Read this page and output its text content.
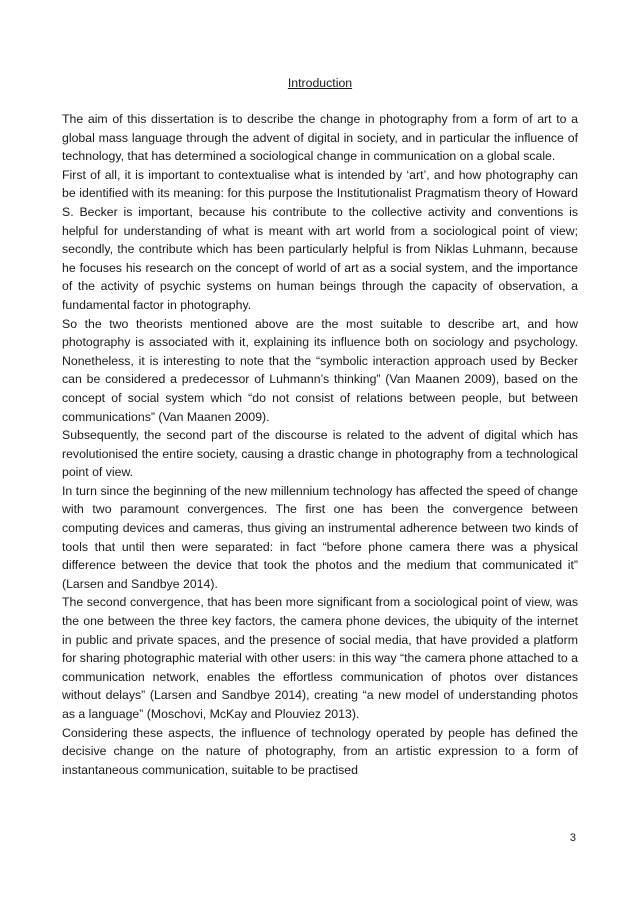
Introduction

The aim of this dissertation is to describe the change in photography from a form of art to a global mass language through the advent of digital in society, and in particular the influence of technology, that has determined a sociological change in communication on a global scale.

First of all, it is important to contextualise what is intended by ‘art’, and how photography can be identified with its meaning: for this purpose the Institutionalist Pragmatism theory of Howard S. Becker is important, because his contribute to the collective activity and conventions is helpful for understanding of what is meant with art world from a sociological point of view; secondly, the contribute which has been particularly helpful is from Niklas Luhmann, because he focuses his research on the concept of world of art as a social system, and the importance of the activity of psychic systems on human beings through the capacity of observation, a fundamental factor in photography.

So the two theorists mentioned above are the most suitable to describe art, and how photography is associated with it, explaining its influence both on sociology and psychology. Nonetheless, it is interesting to note that the “symbolic interaction approach used by Becker can be considered a predecessor of Luhmann’s thinking” (Van Maanen 2009), based on the concept of social system which “do not consist of relations between people, but between communications” (Van Maanen 2009).

Subsequently, the second part of the discourse is related to the advent of digital which has revolutionised the entire society, causing a drastic change in photography from a technological point of view.

In turn since the beginning of the new millennium technology has affected the speed of change with two paramount convergences. The first one has been the convergence between computing devices and cameras, thus giving an instrumental adherence between two kinds of tools that until then were separated: in fact “before phone camera there was a physical difference between the device that took the photos and the medium that communicated it” (Larsen and Sandbye 2014).

The second convergence, that has been more significant from a sociological point of view, was the one between the three key factors, the camera phone devices, the ubiquity of the internet in public and private spaces, and the presence of social media, that have provided a platform for sharing photographic material with other users: in this way “the camera phone attached to a communication network, enables the effortless communication of photos over distances without delays” (Larsen and Sandbye 2014), creating “a new model of understanding photos as a language” (Moschovi, McKay and Plouviez 2013).

Considering these aspects, the influence of technology operated by people has defined the decisive change on the nature of photography, from an artistic expression to a form of instantaneous communication, suitable to be practised

3
